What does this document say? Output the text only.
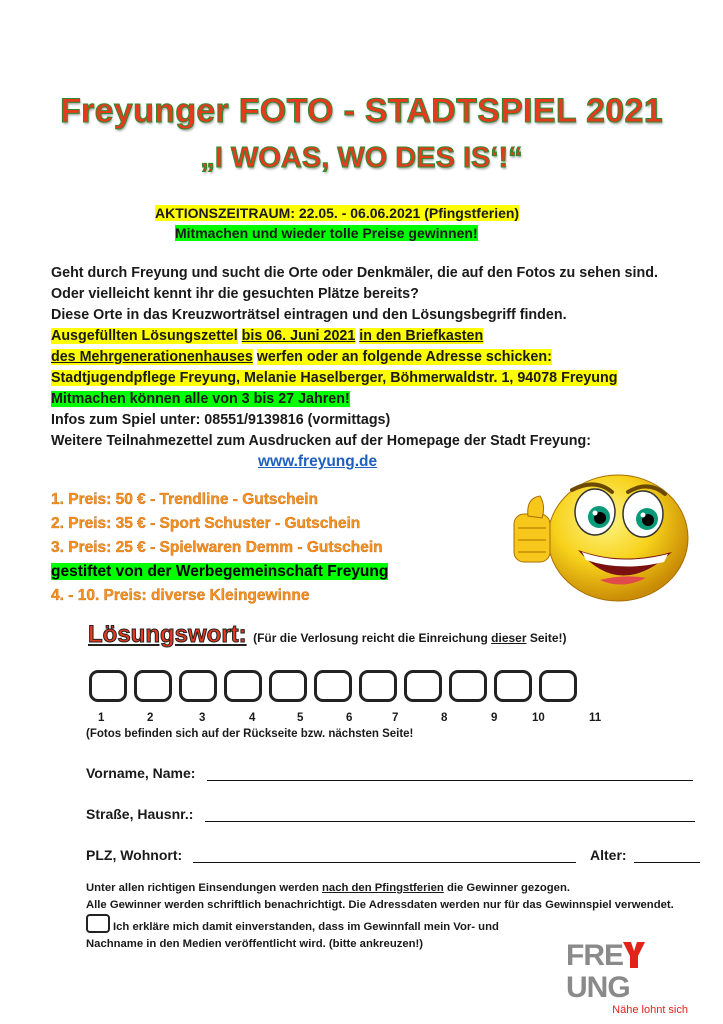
Freyunger FOTO - STADTSPIEL 2021
„I WOAS, WO DES IS‘!“
AKTIONSZEITRAUM: 22.05. - 06.06.2021 (Pfingstferien)
Mitmachen und wieder tolle Preise gewinnen!
Geht durch Freyung und sucht die Orte oder Denkmäler, die auf den Fotos zu sehen sind.
Oder vielleicht kennt ihr die gesuchten Plätze bereits?
Diese Orte in das Kreuzworträtsel eintragen und den Lösungsbegriff finden.
Ausgefüllten Lösungszettel bis 06. Juni 2021 in den Briefkasten
des Mehrgenerationenhauses werfen oder an folgende Adresse schicken:
Stadtjugendpflege Freyung, Melanie Haselberger, Böhmerwaldstr. 1, 94078 Freyung
Mitmachen können alle von 3 bis 27 Jahren!
Infos zum Spiel unter: 08551/9139816 (vormittags)
Weitere Teilnahmezettel zum Ausdrucken auf der Homepage der Stadt Freyung:
www.freyung.de
1. Preis: 50 € - Trendline - Gutschein
2. Preis: 35 € - Sport Schuster - Gutschein
3. Preis: 25 € - Spielwaren Demm - Gutschein
gestiftet von der Werbegemeinschaft Freyung
4. - 10. Preis: diverse Kleingewinne
Lösungswort: (Für die Verlosung reicht die Einreichung dieser Seite!)
1	2	3	4	5	6	7	8	9	10	11
(Fotos befinden sich auf der Rückseite bzw. nächsten Seite!
Vorname, Name:
Straße, Hausnr.:
PLZ, Wohnort:	Alter:
Unter allen richtigen Einsendungen werden nach den Pfingstferien die Gewinner gezogen.
Alle Gewinner werden schriftlich benachrichtigt. Die Adressdaten werden nur für das Gewinnspiel verwendet.
Ich erkläre mich damit einverstanden, dass im Gewinnfall mein Vor- und
Nachname in den Medien veröffentlicht wird. (bitte ankreuzen!)	FREUNG
Nähe lohnt sich
